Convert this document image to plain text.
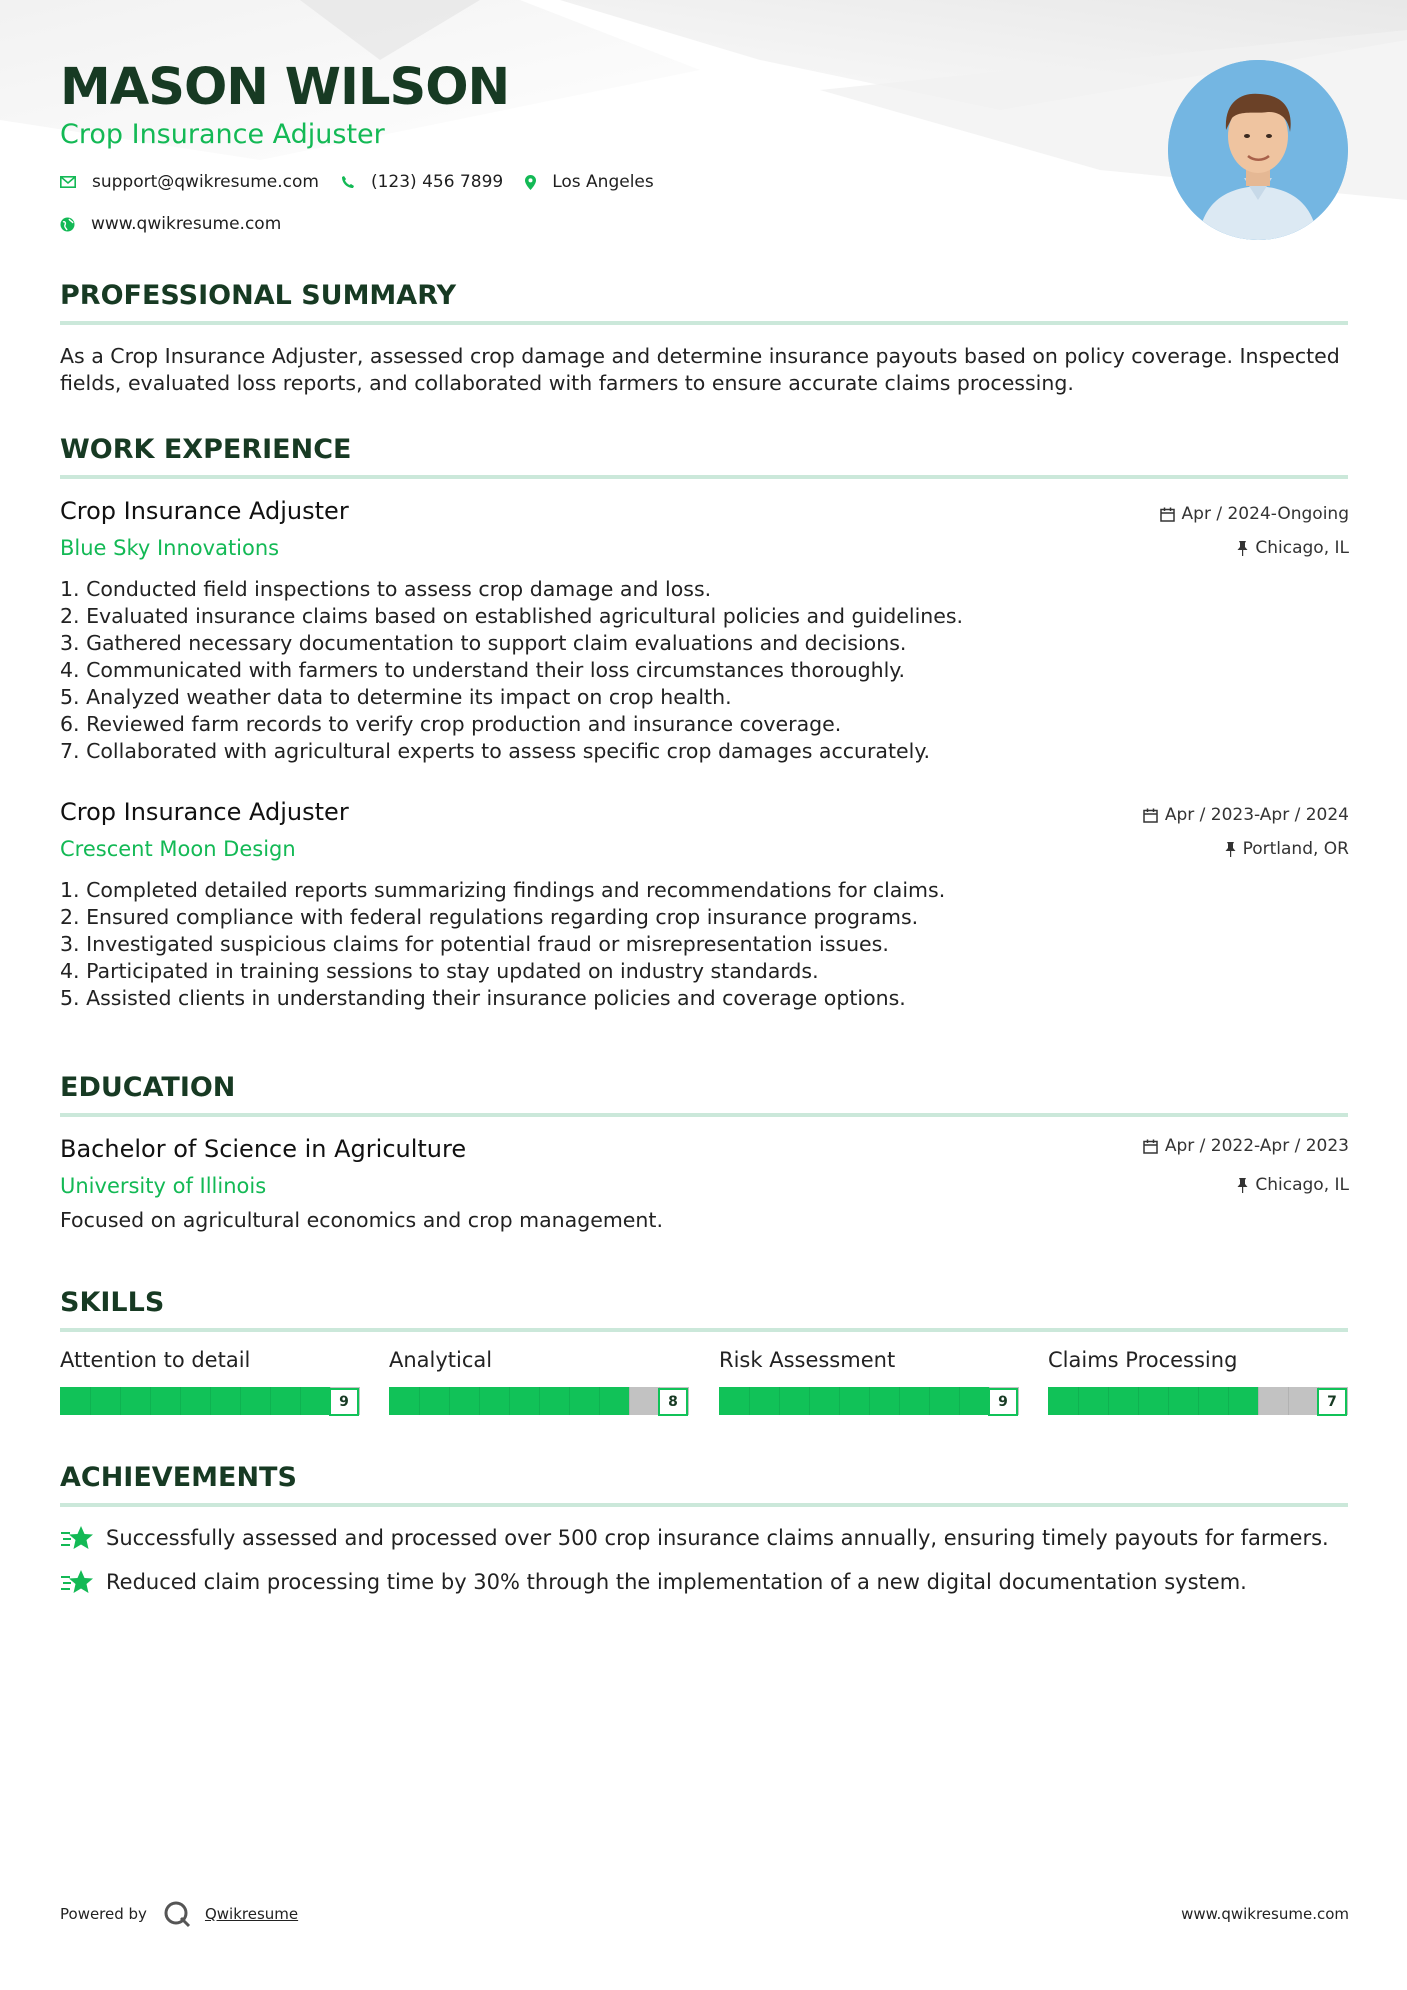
MASON WILSON
Crop Insurance Adjuster
support@qwikresume.com	(123) 456 7899	Los Angeles
www.qwikresume.com
PROFESSIONAL SUMMARY

As a Crop Insurance Adjuster, assessed crop damage and determine insurance payouts based on policy coverage. Inspected fields, evaluated loss reports, and collaborated with farmers to ensure accurate claims processing.

WORK EXPERIENCE
Crop Insurance Adjuster
Blue Sky Innovations
Apr / 2024-Ongoing
Chicago, IL
1. Conducted field inspections to assess crop damage and loss.
2. Evaluated insurance claims based on established agricultural policies and guidelines.
3. Gathered necessary documentation to support claim evaluations and decisions.
4. Communicated with farmers to understand their loss circumstances thoroughly.
5. Analyzed weather data to determine its impact on crop health.
6. Reviewed farm records to verify crop production and insurance coverage.
7. Collaborated with agricultural experts to assess specific crop damages accurately.
Crop Insurance Adjuster
Crescent Moon Design
Apr / 2023-Apr / 2024
Portland, OR
1. Completed detailed reports summarizing findings and recommendations for claims.
2. Ensured compliance with federal regulations regarding crop insurance programs.
3. Investigated suspicious claims for potential fraud or misrepresentation issues.
4. Participated in training sessions to stay updated on industry standards.
5. Assisted clients in understanding their insurance policies and coverage options.
EDUCATION
Bachelor of Science in Agriculture
University of Illinois
Apr / 2022-Apr / 2023
Chicago, IL

Focused on agricultural economics and crop management.

SKILLS
Attention to detail
9
Analytical
8
Risk Assessment
9
Claims Processing
7
ACHIEVEMENTS
Successfully assessed and processed over 500 crop insurance claims annually, ensuring timely payouts for farmers.
Reduced claim processing time by 30% through the implementation of a new digital documentation system.
Powered by	Qwikresume	www.qwikresume.com
